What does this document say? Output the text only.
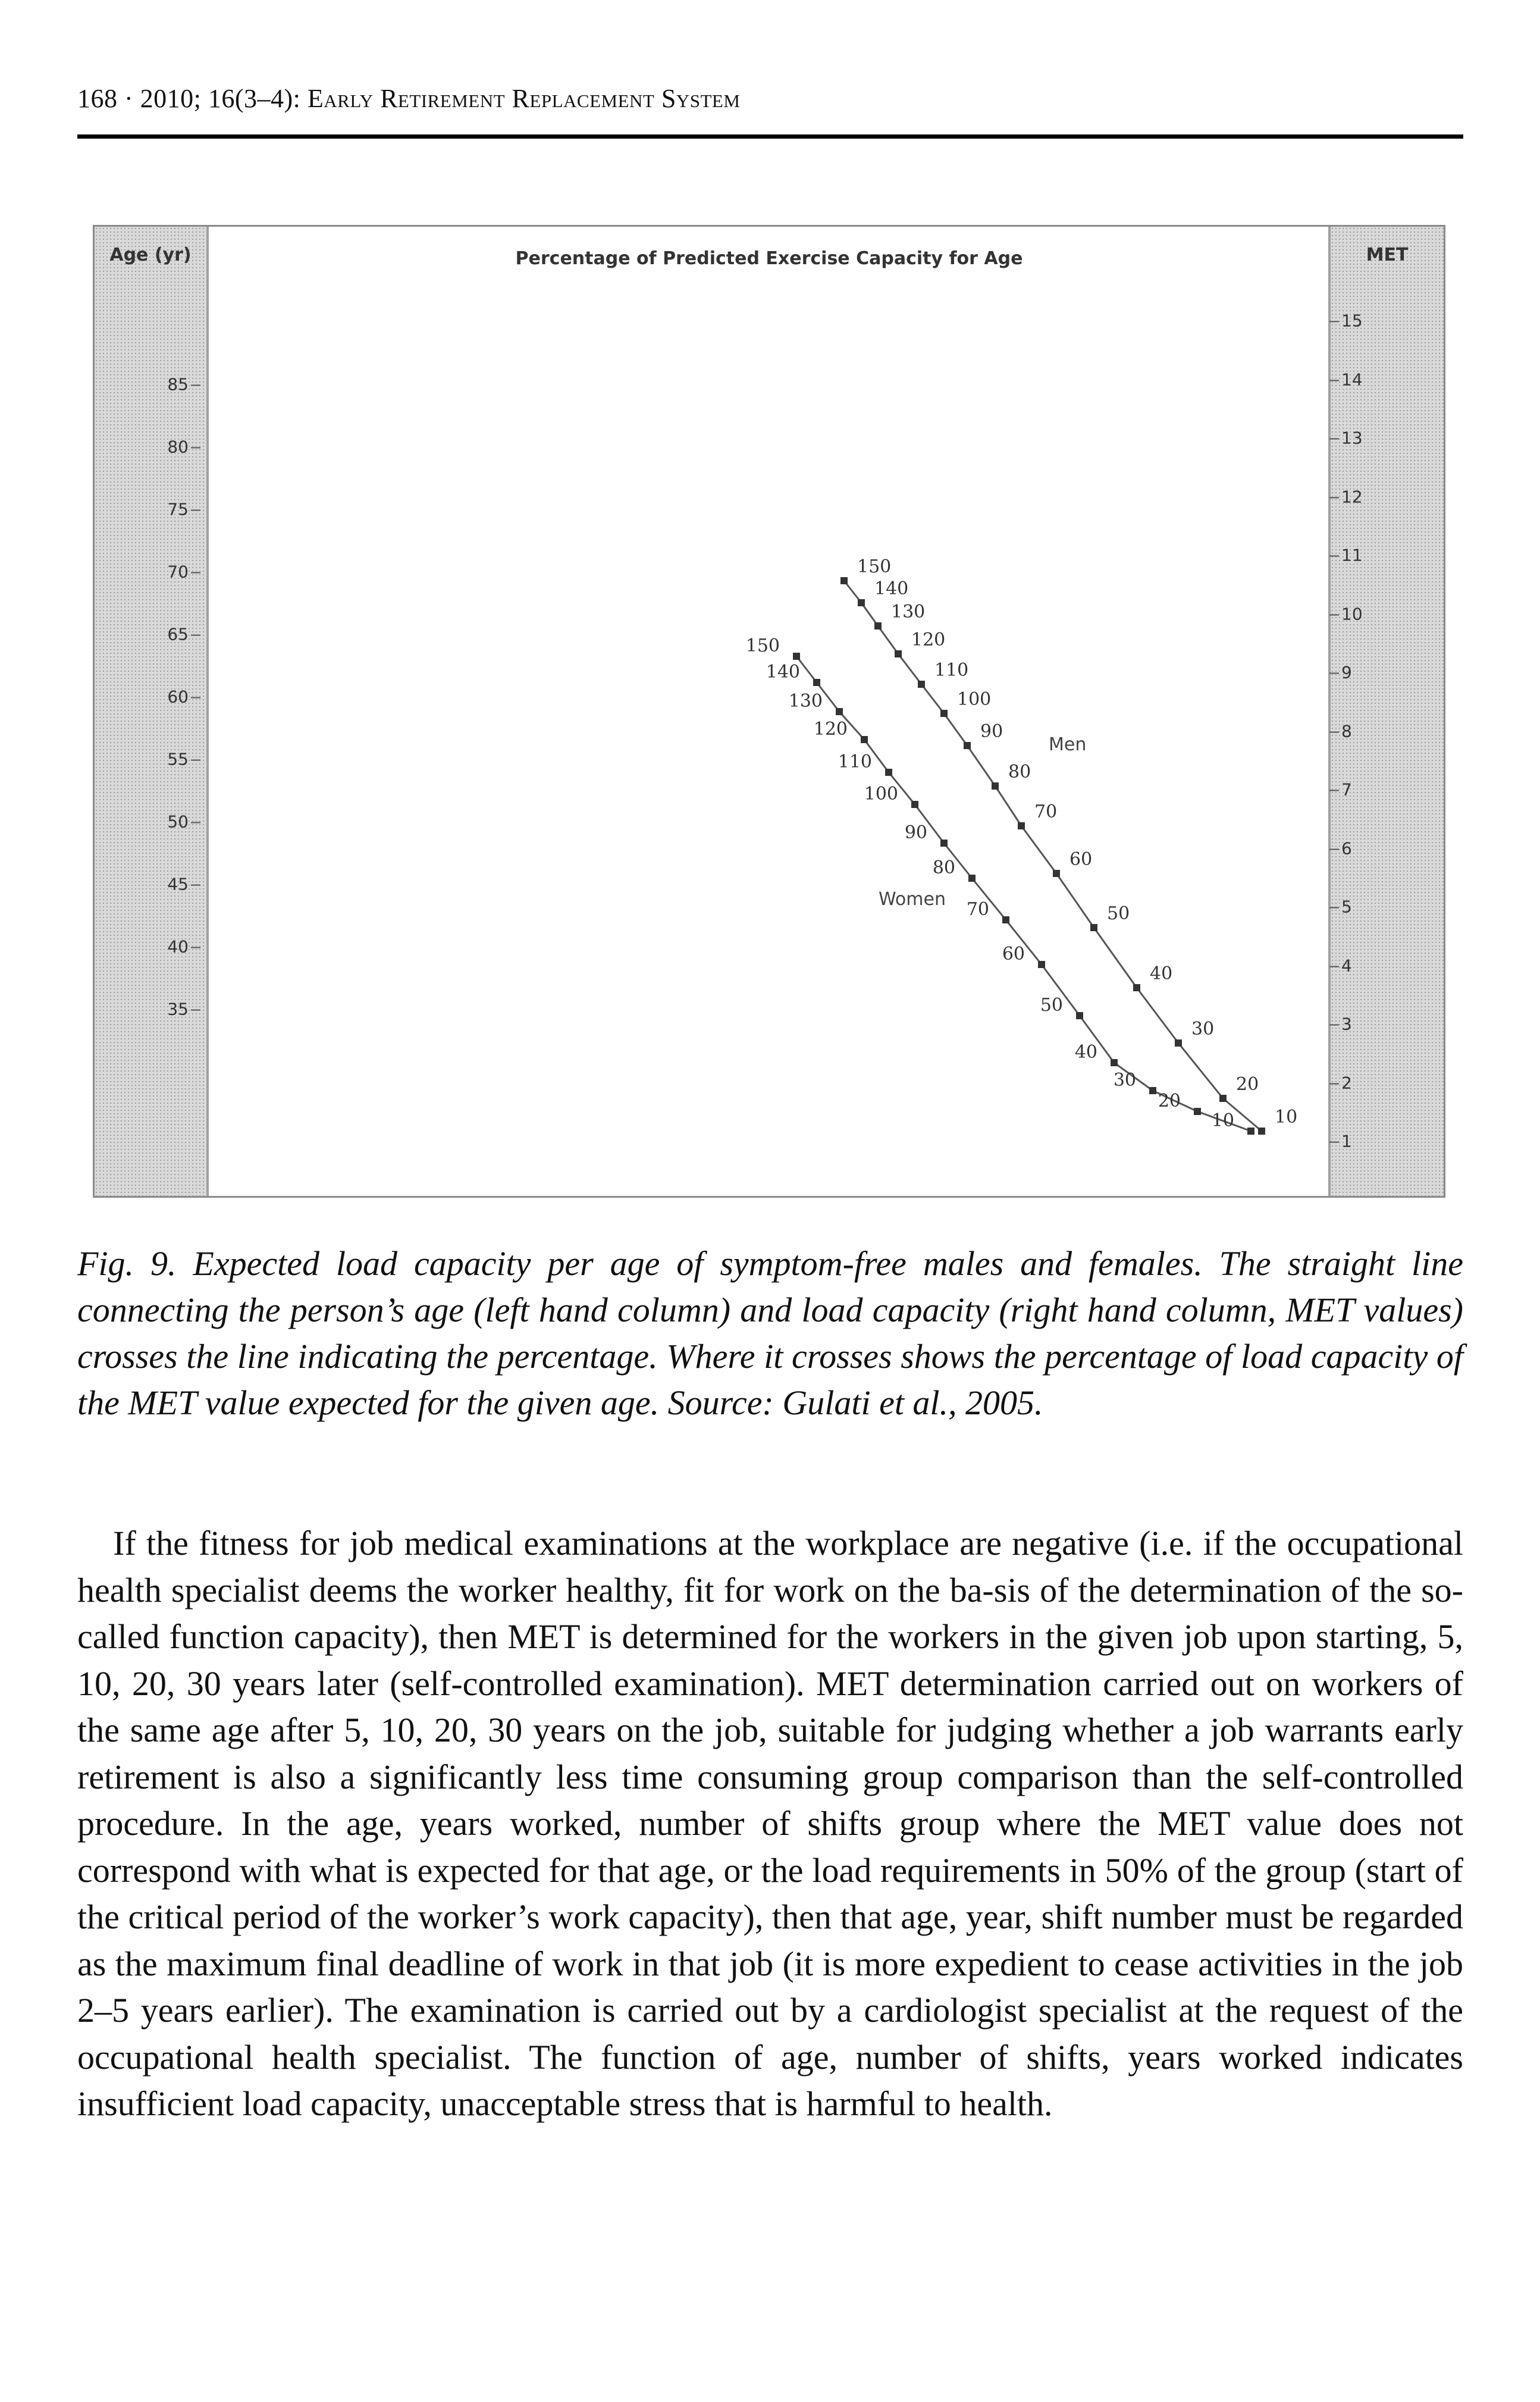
168 · 2010; 16(3–4): Early Retirement Replacement System
Age (yr)
85
80
75
70
65
60
55
50
45
40
35
Percentage of Predicted Exercise Capacity for Age	MET
15
14
13
12
11
10
9
8
7
6
5
4
3
2
1
150
140
130
120
110
100
90
80
70
60
50
40
30
20
10
150
140
130
120
110
100
90
80
70
60
50
40
30
20
10
Men
Women
Fig. 9. Expected load capacity per age of symptom-free males and females. The straight line connecting the person’s age (left hand column) and load capacity (right hand column, MET values) crosses the line indicating the percentage. Where it crosses shows the percentage of load capacity of the MET value expected for the given age. Source: Gulati et al., 2005.
If the fitness for job medical examinations at the workplace are negative (i.e. if the occupational health specialist deems the worker healthy, fit for work on the ba-sis of the determination of the so-called function capacity), then MET is determined for the workers in the given job upon starting, 5, 10, 20, 30 years later (self-controlled examination). MET determination carried out on workers of the same age after 5, 10, 20, 30 years on the job, suitable for judging whether a job warrants early retirement is also a significantly less time consuming group comparison than the self-controlled procedure. In the age, years worked, number of shifts group where the MET value does not correspond with what is expected for that age, or the load requirements in 50% of the group (start of the critical period of the worker’s work capacity), then that age, year, shift number must be regarded as the maximum final deadline of work in that job (it is more expedient to cease activities in the job 2–5 years earlier). The examination is carried out by a cardiologist specialist at the request of the occupational health specialist. The function of age, number of shifts, years worked indicates insufficient load capacity, unacceptable stress that is harmful to health.
